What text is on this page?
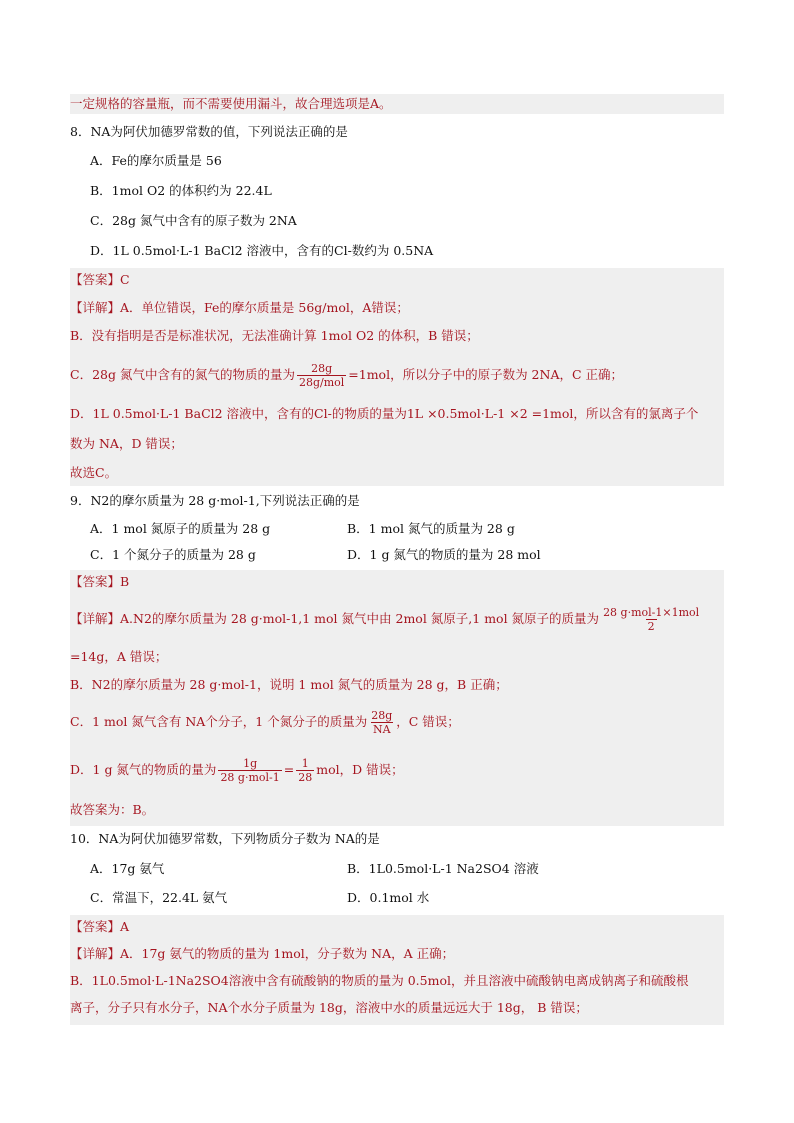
一定规格的容量瓶，而不需要使用漏斗，故合理选项是A。
8．NA为阿伏加德罗常数的值，下列说法正确的是
A．Fe的摩尔质量是 56
B．1mol O2 的体积约为 22.4L
C．28g 氮气中含有的原子数为 2NA
D．1L 0.5mol·L-1 BaCl2 溶液中，含有的Cl-数约为 0.5NA
【答案】C
【详解】A．单位错误，Fe的摩尔质量是 56g/mol，A错误；
B．没有指明是否是标准状况，无法准确计算 1mol O2 的体积，B 错误；
C．28g 氮气中含有的氮气的物质的量为 $\frac{28g}{\text{28g/mol}} =1mol$，所以分子中的原子数为 2NA，C 正确；
D．1L 0.5mol·L-1 BaCl2 溶液中，含有的Cl-的物质的量为1L ×0.5mol·L-1 ×2 =1mol，所以含有的氯离子个
数为 NA，D 错误；
故选C。
9．N2的摩尔质量为 28 g·mol-1,下列说法正确的是
A．1 mol 氮原子的质量为 28 g	B．1 mol 氮气的质量为 28 g
C．1 个氮分子的质量为 28 g	D．1 g 氮气的物质的量为 28 mol
【答案】B
【详解】A.N2的摩尔质量为 28 g·mol-1,1 mol 氮气中由 2mol 氮原子,1 mol 氮原子的质量为 $\frac{\text{28 g·mol-1×1mol}}{2}$
=14g，A 错误；
B．N2的摩尔质量为 28 g·mol-1，说明 1 mol 氮气的质量为 28 g，B 正确；
C．1 mol 氮气含有 NA个分子，1 个氮分子的质量为 $\frac{28g}{NA}$ ，C 错误；
D．1 g 氮气的物质的量为 $\frac{1g}{\text{28 g·mol-1}} = \frac{1}{28}$ mol，D 错误；
故答案为：B。
10．NA为阿伏加德罗常数，下列物质分子数为 NA的是
A．17g 氨气	B．1L0.5mol·L-1 Na2SO4 溶液
C．常温下，22.4L 氨气	D．0.1mol 水
【答案】A
【详解】A．17g 氨气的物质的量为 1mol，分子数为 NA，A 正确；
B．1L0.5mol·L-1Na2SO4溶液中含有硫酸钠的物质的量为 0.5mol，并且溶液中硫酸钠电离成钠离子和硫酸根
离子，分子只有水分子，NA个水分子质量为 18g，溶液中水的质量远远大于 18g， B 错误；
